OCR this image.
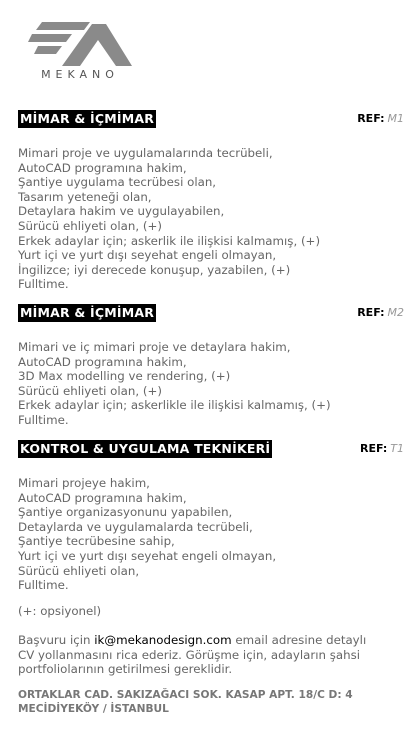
MEKANO
MİMAR & İÇMİMAR	REF: M1
Mimari proje ve uygulamalarında tecrübeli,
AutoCAD programına hakim,
Şantiye uygulama tecrübesi olan,
Tasarım yeteneği olan,
Detaylara hakim ve uygulayabilen,
Sürücü ehliyeti olan, (+)
Erkek adaylar için; askerlik ile ilişkisi kalmamış, (+)
Yurt içi ve yurt dışı seyehat engeli olmayan,
İngilizce; iyi derecede konuşup, yazabilen, (+)
Fulltime.
MİMAR & İÇMİMAR	REF: M2
Mimari ve iç mimari proje ve detaylara hakim,
AutoCAD programına hakim,
3D Max modelling ve rendering, (+)
Sürücü ehliyeti olan, (+)
Erkek adaylar için; askerlikle ile ilişkisi kalmamış, (+)
Fulltime.
KONTROL & UYGULAMA TEKNİKERİ	REF: T1
Mimari projeye hakim,
AutoCAD programına hakim,
Şantiye organizasyonunu yapabilen,
Detaylarda ve uygulamalarda tecrübeli,
Şantiye tecrübesine sahip,
Yurt içi ve yurt dışı seyehat engeli olmayan,
Sürücü ehliyeti olan,
Fulltime.
(+: opsiyonel)
Başvuru için ik@mekanodesign.com email adresine detaylı
CV yollanmasını rica ederiz. Görüşme için, adayların şahsi
portfoliolarının getirilmesi gereklidir.
ORTAKLAR CAD. SAKIZAĞACI SOK. KASAP APT. 18/C D: 4
MECİDİYEKÖY / İSTANBUL
